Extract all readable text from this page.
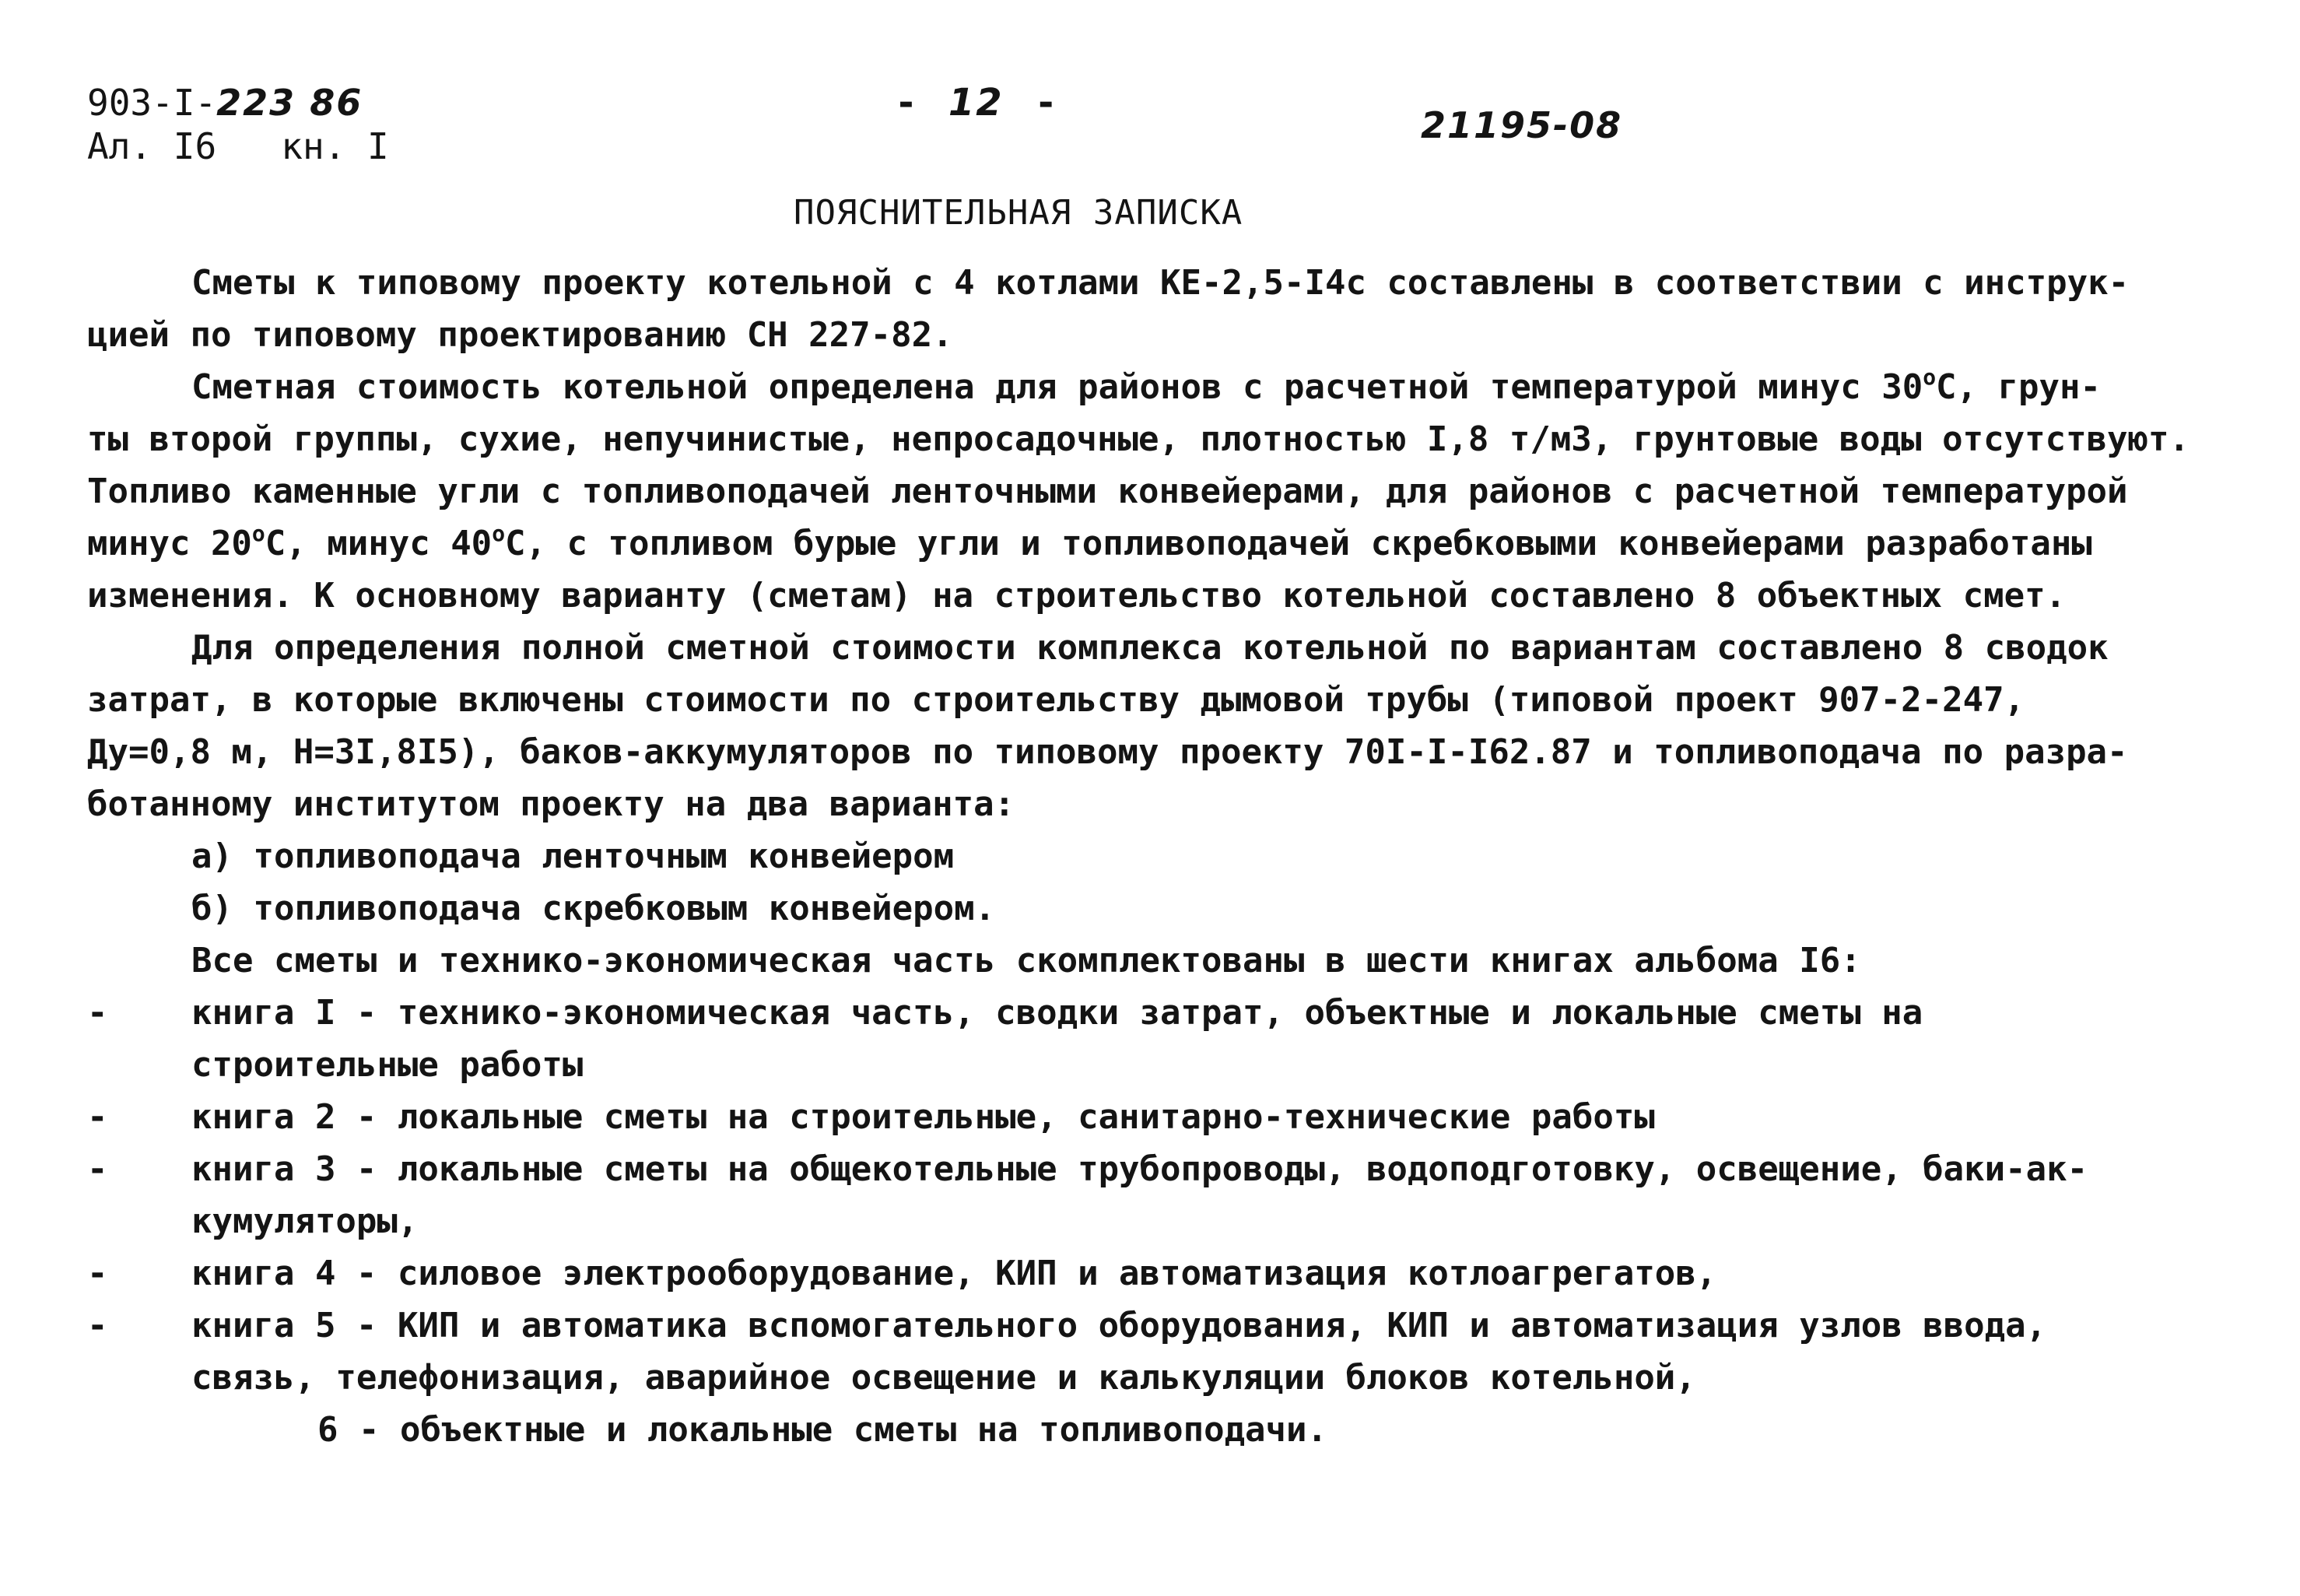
903-I-223 86
Ал. I6   кн. I
- 12 -
21195-08
ПОЯСНИТЕЛЬНАЯ ЗАПИСКА
Сметы к типовому проекту котельной с 4 котлами КЕ-2,5-I4с составлены в соответствии с инструк-
цией по типовому проектированию СН 227-82.
Сметная стоимость котельной определена для районов с расчетной температурой минус $30^оС$, грун-
ты второй группы, сухие, непучинистые, непросадочные, плотностью I,8 т/м3, грунтовые воды отсутствуют.
Топливо каменные угли с топливоподачей ленточными конвейерами, для районов с расчетной температурой
минус $20^оС$, минус $40^оС$, с топливом бурые угли и топливоподачей скребковыми конвейерами разработаны
изменения. К основному варианту (сметам) на строительство котельной составлено 8 объектных смет.
Для определения полной сметной стоимости комплекса котельной по вариантам составлено 8 сводок
затрат, в которые включены стоимости по строительству дымовой трубы (типовой проект 907-2-247,
Ду=0,8 м, Н=3I,8I5), баков-аккумуляторов по типовому проекту 70I-I-I62.87 и топливоподача по разра-
ботанному институтом проекту на два варианта:
а) топливоподача ленточным конвейером
б) топливоподача скребковым конвейером.
Все сметы и технико-экономическая часть скомплектованы в шести книгах альбома I6:
-	книга I - технико-экономическая часть, сводки затрат, объектные и локальные сметы на
строительные работы
-	книга 2 - локальные сметы на строительные, санитарно-технические работы
-	книга 3 - локальные сметы на общекотельные трубопроводы, водоподготовку, освещение, баки-ак-
кумуляторы,
-	книга 4 - силовое электрооборудование, КИП и автоматизация котлоагрегатов,
-	книга 5 - КИП и автоматика вспомогательного оборудования, КИП и автоматизация узлов ввода,
связь, телефонизация, аварийное освещение и калькуляции блоков котельной,
6 - объектные и локальные сметы на топливоподачи.
